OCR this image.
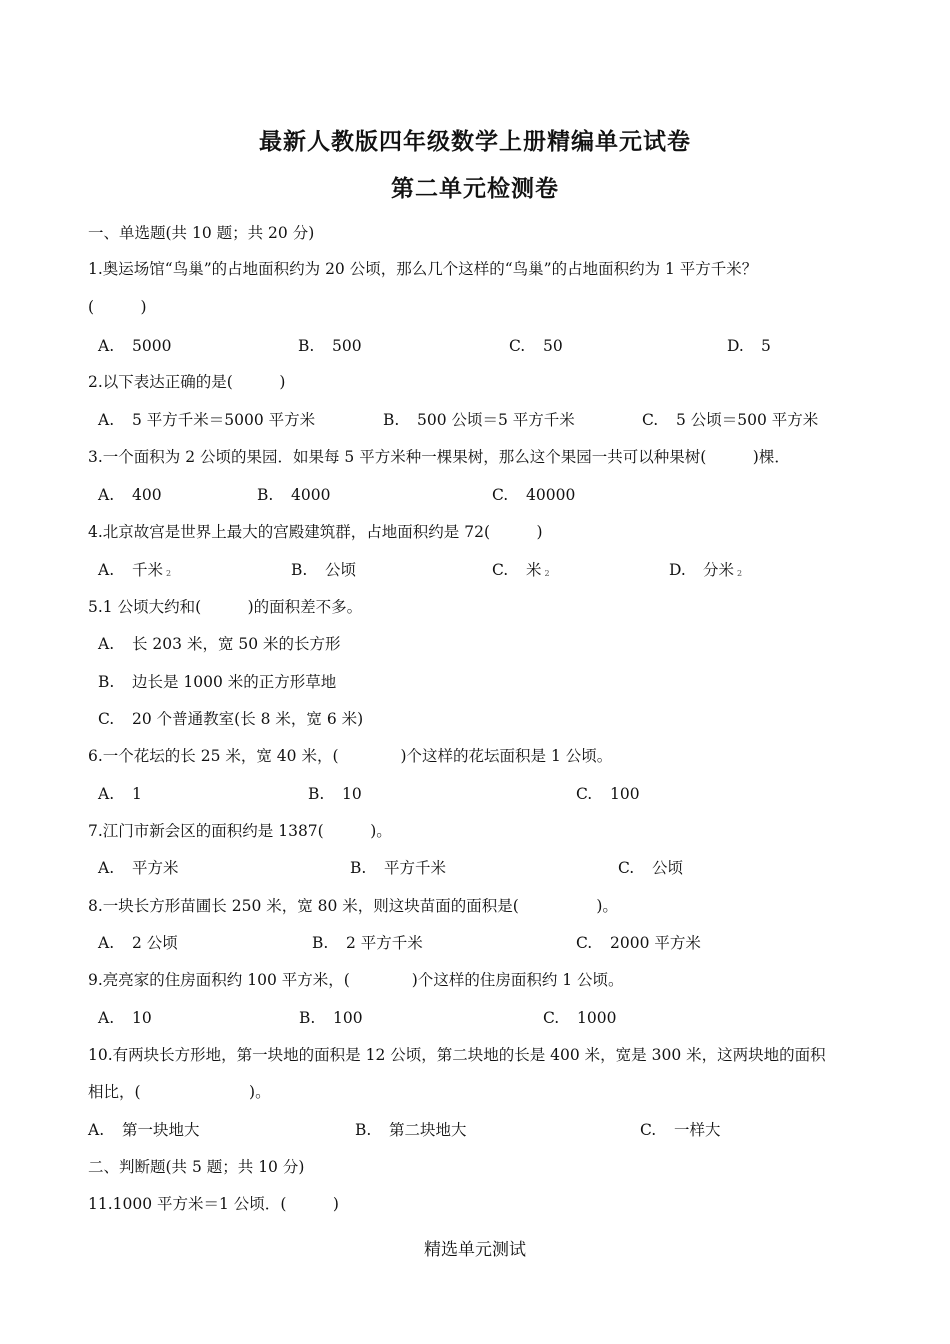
最新人教版四年级数学上册精编单元试卷
第二单元检测卷
一、单选题(共 10 题；共 20 分)
1.奥运场馆“鸟巢”的占地面积约为 20 公顷，那么几个这样的“鸟巢”的占地面积约为 1 平方千米？
(　　　)
A. 5000	B. 500	C. 50	D. 5
2.以下表达正确的是(　　　)
A. 5 平方千米＝5000 平方米	B. 500 公顷＝5 平方千米	C. 5 公顷＝500 平方米
3.一个面积为 2 公顷的果园．如果每 5 平方米种一棵果树，那么这个果园一共可以种果树(　　　)棵．
A. 400	B. 4000	C. 40000
4.北京故宫是世界上最大的宫殿建筑群，占地面积约是 72(　　　)
A. 千米 $^2$	B. 公顷	C. 米 $^2$	D. 分米 $^2$
5.1 公顷大约和(　　　)的面积差不多。
A. 长 203 米，宽 50 米的长方形
B. 边长是 1000 米的正方形草地
C. 20 个普通教室(长 8 米，宽 6 米)
6.一个花坛的长 25 米，宽 40 米，(　　　　)个这样的花坛面积是 1 公顷。
A. 1	B. 10	C. 100
7.江门市新会区的面积约是 1387(　　　)。
A. 平方米	B. 平方千米	C. 公顷
8.一块长方形苗圃长 250 米，宽 80 米，则这块苗面的面积是(　　　　　)。
A. 2 公顷	B. 2 平方千米	C. 2000 平方米
9.亮亮家的住房面积约 100 平方米，(　　　　)个这样的住房面积约 1 公顷。
A. 10	B. 100	C. 1000
10.有两块长方形地，第一块地的面积是 12 公顷，第二块地的长是 400 米，宽是 300 米，这两块地的面积
相比，(　　　　　　　)。
A. 第一块地大	B. 第二块地大	C. 一样大
二、判断题(共 5 题；共 10 分)
11.1000 平方米＝1 公顷．(　　　)
精选单元测试
